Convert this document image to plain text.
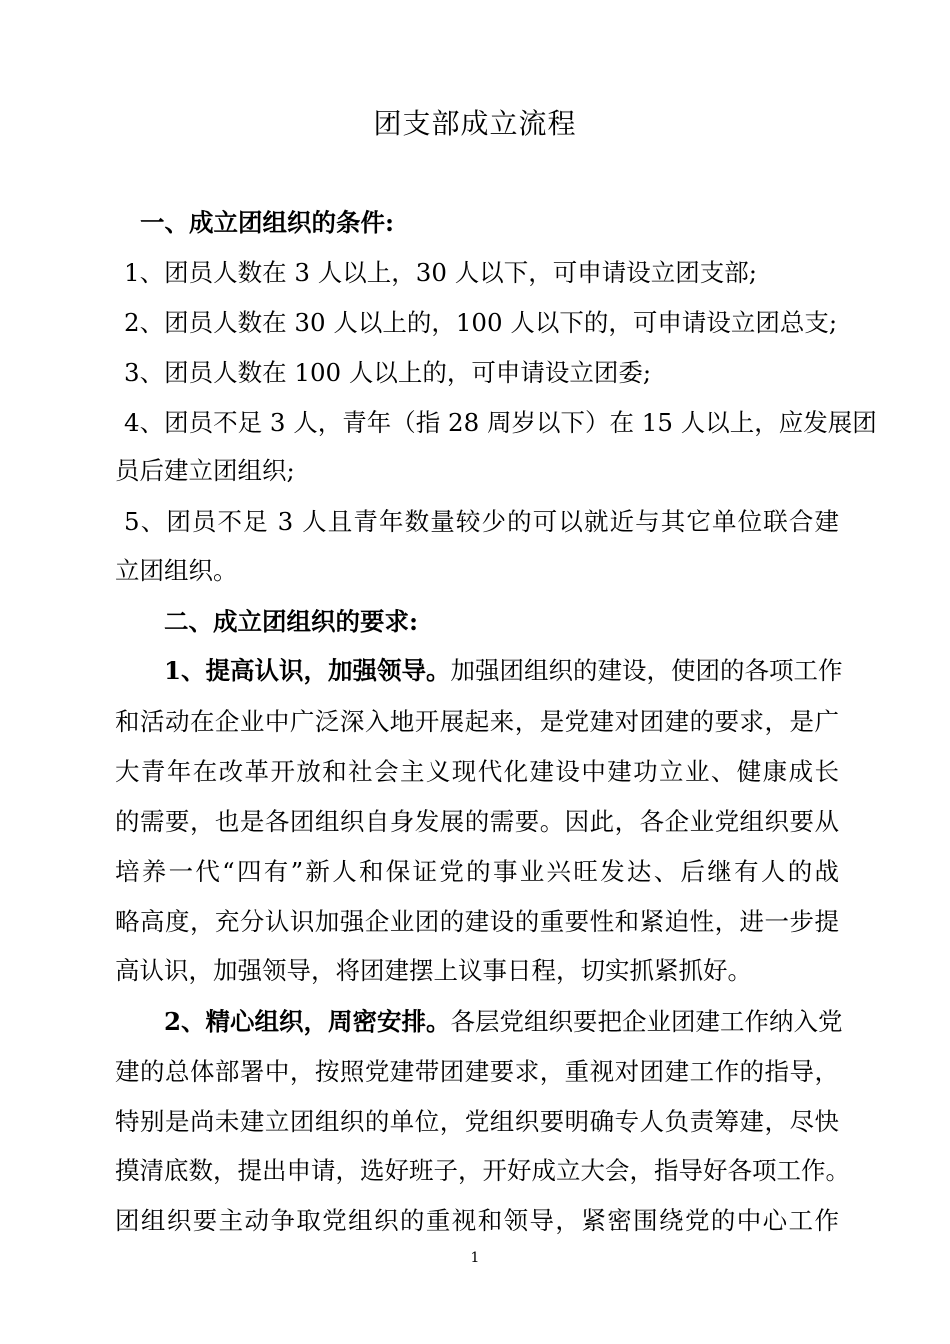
团支部成立流程
一、成立团组织的条件:
1、团员人数在 3 人以上，30 人以下，可申请设立团支部;
2、团员人数在 30 人以上的，100 人以下的，可申请设立团总支;
3、团员人数在 100 人以上的，可申请设立团委;
4、团员不足 3 人，青年（指 28 周岁以下）在 15 人以上，应发展团
员后建立团组织;
5、团员不足 3 人且青年数量较少的可以就近与其它单位联合建
立团组织。
二、成立团组织的要求:
1、提高认识，加强领导。加强团组织的建设，使团的各项工作
和活动在企业中广泛深入地开展起来，是党建对团建的要求，是广
大青年在改革开放和社会主义现代化建设中建功立业、健康成长
的需要，也是各团组织自身发展的需要。因此，各企业党组织要从
培养一代“四有”新人和保证党的事业兴旺发达、后继有人的战
略高度，充分认识加强企业团的建设的重要性和紧迫性，进一步提
高认识，加强领导，将团建摆上议事日程，切实抓紧抓好。
2、精心组织，周密安排。各层党组织要把企业团建工作纳入党
建的总体部署中，按照党建带团建要求，重视对团建工作的指导，
特别是尚未建立团组织的单位，党组织要明确专人负责筹建，尽快
摸清底数，提出申请，选好班子，开好成立大会，指导好各项工作。
团组织要主动争取党组织的重视和领导，紧密围绕党的中心工作
1
